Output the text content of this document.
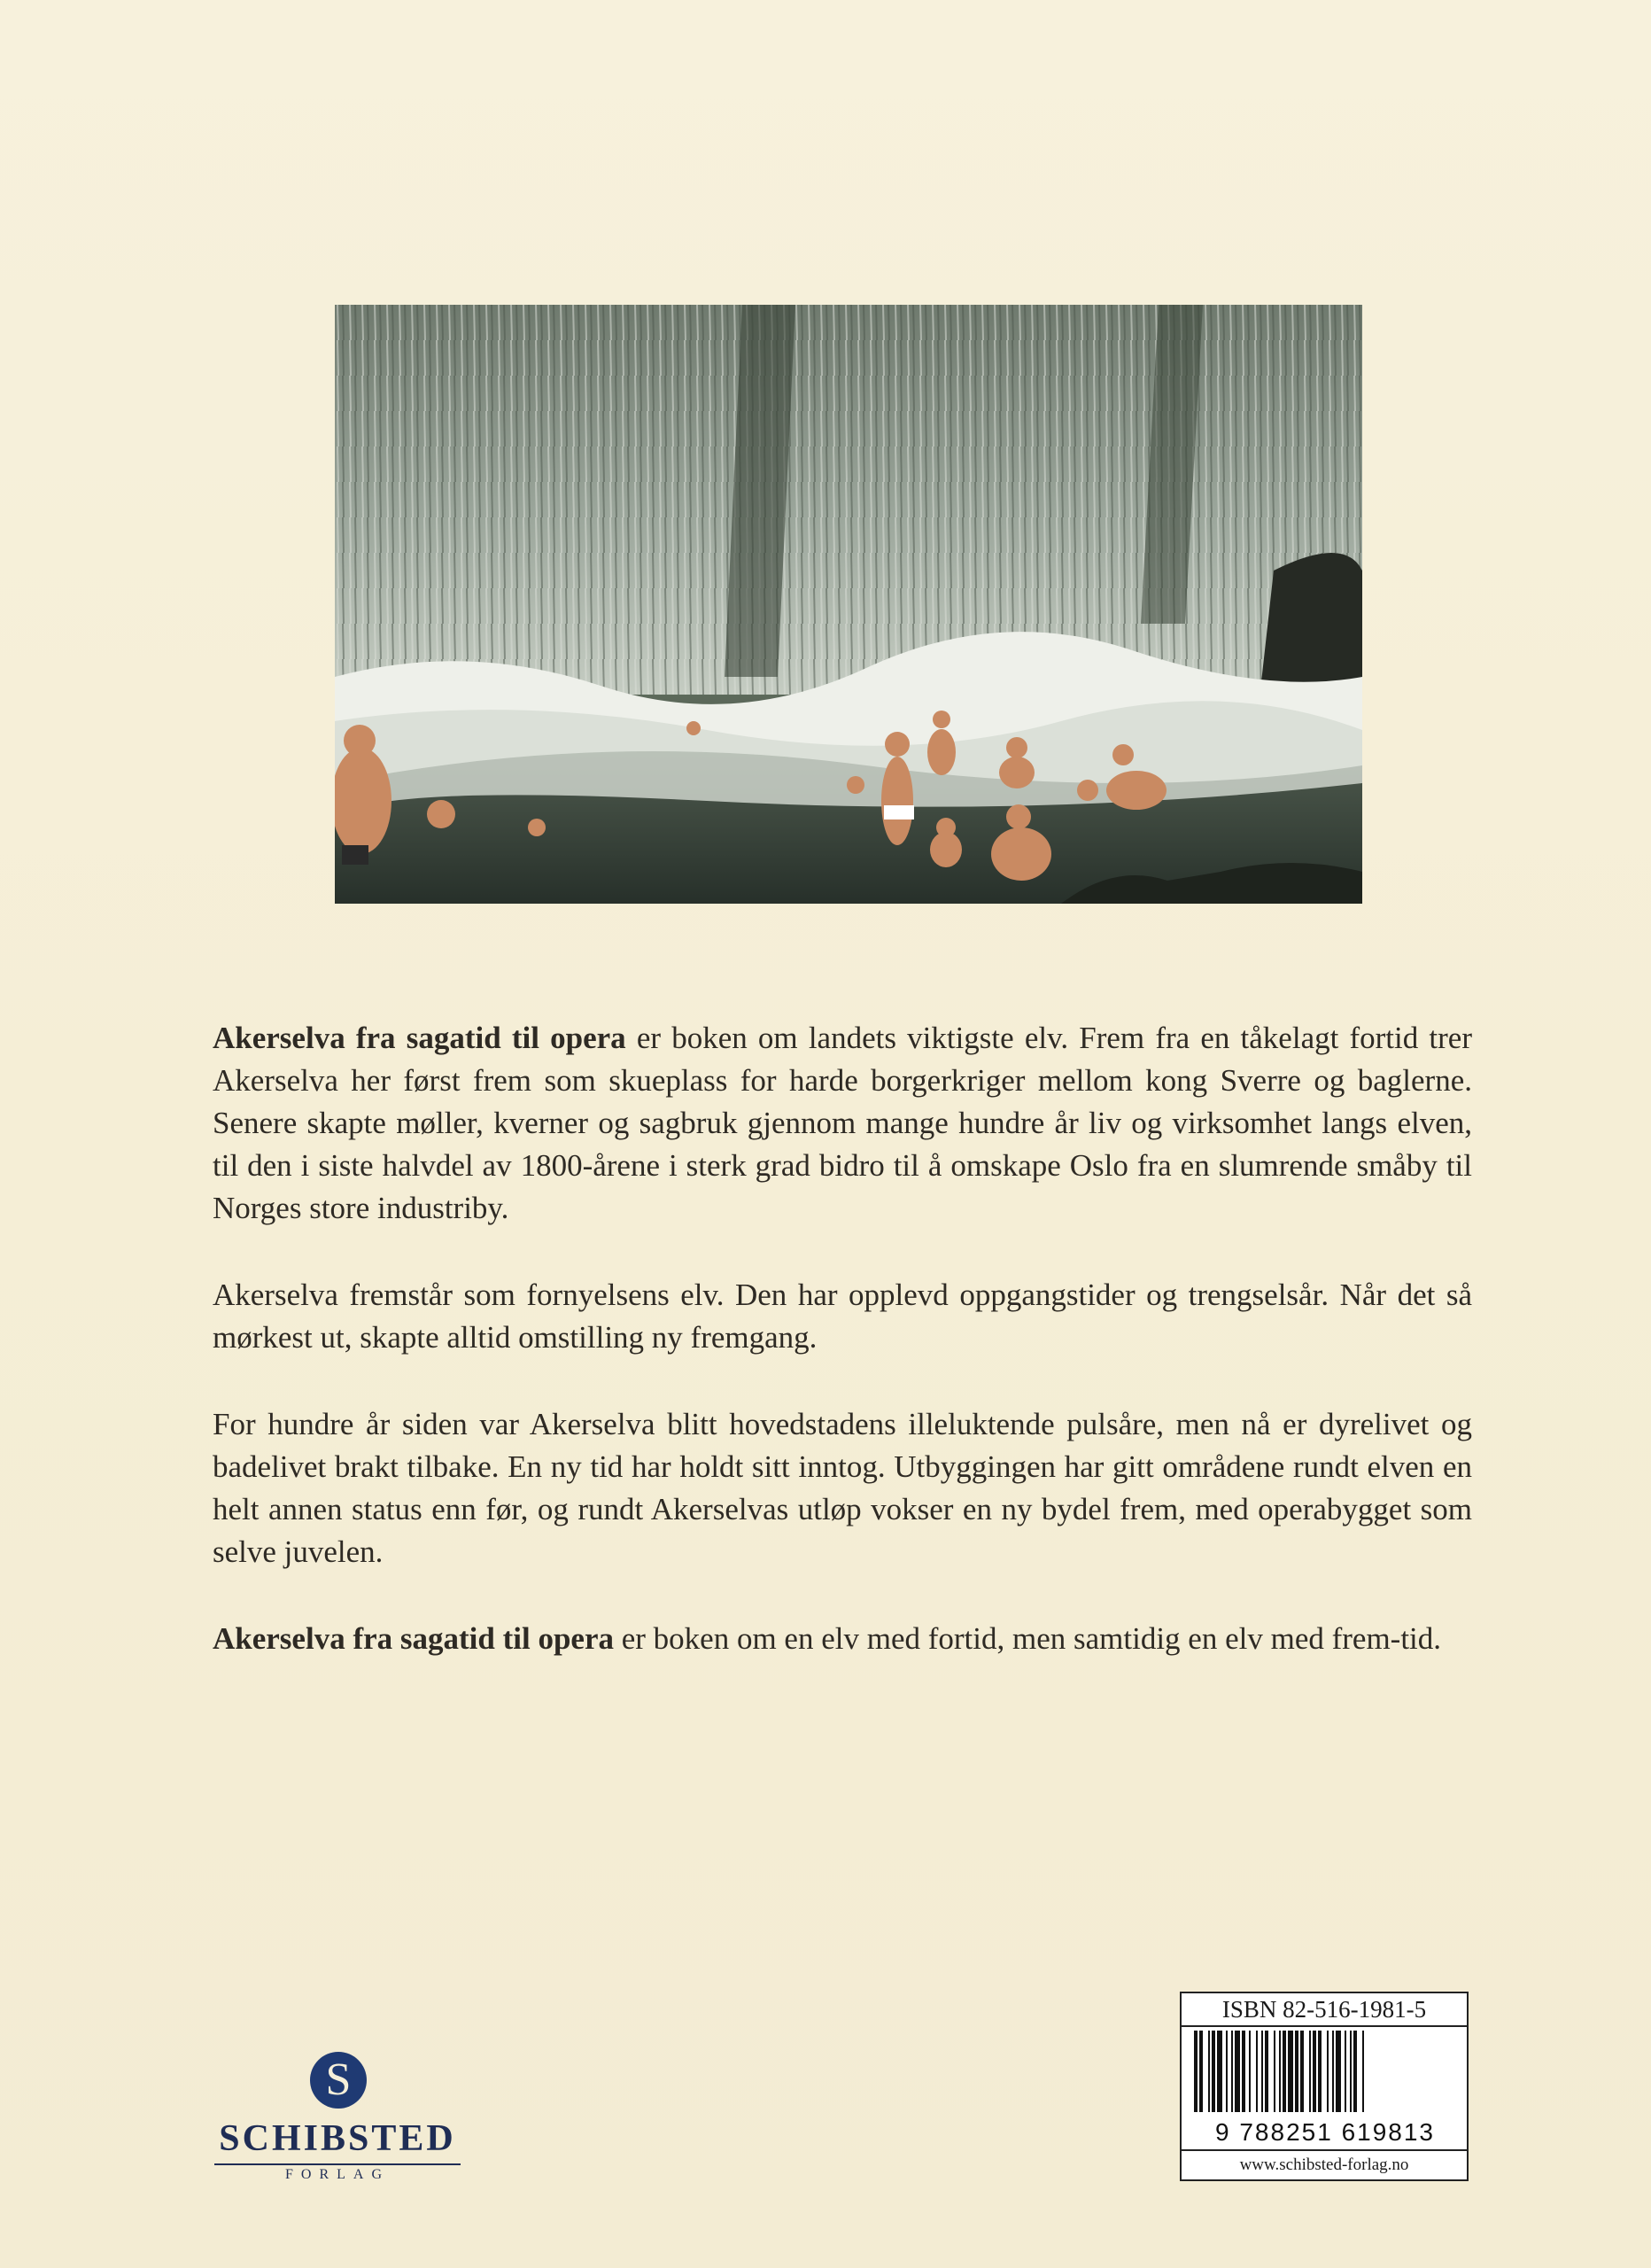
Akerselva fra sagatid til opera er boken om landets viktigste elv. Frem fra en tåkelagt fortid trer Akerselva her først frem som skueplass for harde borgerkriger mellom kong Sverre og baglerne. Senere skapte møller, kverner og sagbruk gjennom mange hundre år liv og virksomhet langs elven, til den i siste halvdel av 1800-årene i sterk grad bidro til å omskape Oslo fra en slumrende småby til Norges store industriby.

Akerselva fremstår som fornyelsens elv. Den har opplevd oppgangstider og trengselsår. Når det så mørkest ut, skapte alltid omstilling ny fremgang.

For hundre år siden var Akerselva blitt hovedstadens illeluktende pulsåre, men nå er dyrelivet og badelivet brakt tilbake. En ny tid har holdt sitt inntog. Utbyggingen har gitt områdene rundt elven en helt annen status enn før, og rundt Akerselvas utløp vokser en ny bydel frem, med operabygget som selve juvelen.

Akerselva fra sagatid til opera er boken om en elv med fortid, men samtidig en elv med frem-tid.

S
SCHIBSTED
FORLAG
ISBN 82-516-1981-5
9 788251 619813
www.schibsted-forlag.no
